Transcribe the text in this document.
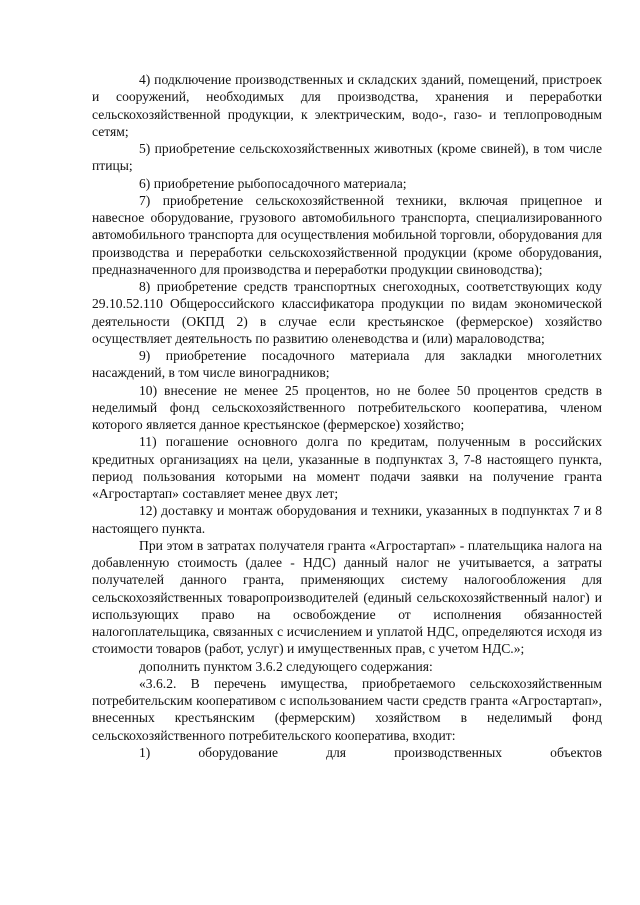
4) подключение производственных и складских зданий, помещений, пристроек и сооружений, необходимых для производства, хранения и переработки сельскохозяйственной продукции, к электрическим, водо-, газо- и теплопроводным сетям;

5) приобретение сельскохозяйственных животных (кроме свиней), в том числе птицы;

6) приобретение рыбопосадочного материала;

7) приобретение сельскохозяйственной техники, включая прицепное и навесное оборудование, грузового автомобильного транспорта, специализированного автомобильного транспорта для осуществления мобильной торговли, оборудования для производства и переработки сельскохозяйственной продукции (кроме оборудования, предназначенного для производства и переработки продукции свиноводства);

8) приобретение средств транспортных снегоходных, соответствующих коду 29.10.52.110 Общероссийского классификатора продукции по видам экономической деятельности (ОКПД 2) в случае если крестьянское (фермерское) хозяйство осуществляет деятельность по развитию оленеводства и (или) мараловодства;

9) приобретение посадочного материала для закладки многолетних насаждений, в том числе виноградников;

10) внесение не менее 25 процентов, но не более 50 процентов средств в неделимый фонд сельскохозяйственного потребительского кооператива, членом которого является данное крестьянское (фермерское) хозяйство;

11) погашение основного долга по кредитам, полученным в российских кредитных организациях на цели, указанные в подпунктах 3, 7-8 настоящего пункта, период пользования которыми на момент подачи заявки на получение гранта «Агростартап» составляет менее двух лет;

12) доставку и монтаж оборудования и техники, указанных в подпунктах 7 и 8 настоящего пункта.

При этом в затратах получателя гранта «Агростартап» - плательщика налога на добавленную стоимость (далее - НДС) данный налог не учитывается, а затраты получателей данного гранта, применяющих систему налогообложения для сельскохозяйственных товаропроизводителей (единый сельскохозяйственный налог) и использующих право на освобождение от исполнения обязанностей налогоплательщика, связанных с исчислением и уплатой НДС, определяются исходя из стоимости товаров (работ, услуг) и имущественных прав, с учетом НДС.»;

дополнить пунктом 3.6.2 следующего содержания:

«3.6.2. В перечень имущества, приобретаемого сельскохозяйственным потребительским кооперативом с использованием части средств гранта «Агростартап», внесенных крестьянским (фермерским) хозяйством в неделимый фонд сельскохозяйственного потребительского кооператива, входит:

1) оборудование для производственных объектов
